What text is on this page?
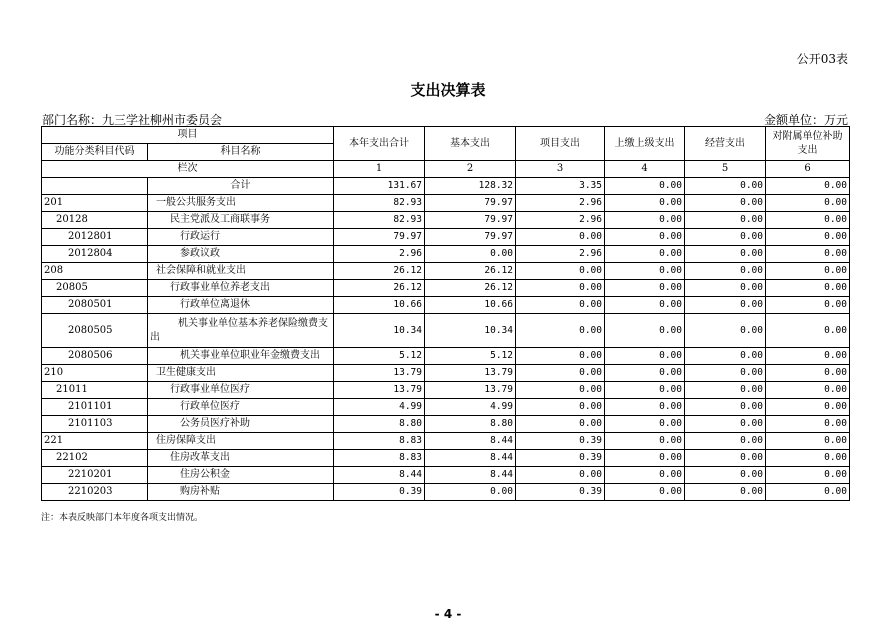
公开03表
支出决算表
部门名称：九三学社柳州市委员会	金额单位：万元
项目		本年支出合计	基本支出	项目支出	上缴上级支出	经营支出	对附属单位补助支出
功能分类科目代码	科目名称						
栏次		1	2	3	4	5	6
	合计	131.67	128.32	3.35	0.00	0.00	0.00
201	一般公共服务支出	82.93	79.97	2.96	0.00	0.00	0.00
20128	民主党派及工商联事务	82.93	79.97	2.96	0.00	0.00	0.00
2012801	行政运行	79.97	79.97	0.00	0.00	0.00	0.00
2012804	参政议政	2.96	0.00	2.96	0.00	0.00	0.00
208	社会保障和就业支出	26.12	26.12	0.00	0.00	0.00	0.00
20805	行政事业单位养老支出	26.12	26.12	0.00	0.00	0.00	0.00
2080501	行政单位离退休	10.66	10.66	0.00	0.00	0.00	0.00
2080505	机关事业单位基本养老保险缴费支出	10.34	10.34	0.00	0.00	0.00	0.00
2080506	机关事业单位职业年金缴费支出	5.12	5.12	0.00	0.00	0.00	0.00
210	卫生健康支出	13.79	13.79	0.00	0.00	0.00	0.00
21011	行政事业单位医疗	13.79	13.79	0.00	0.00	0.00	0.00
2101101	行政单位医疗	4.99	4.99	0.00	0.00	0.00	0.00
2101103	公务员医疗补助	8.80	8.80	0.00	0.00	0.00	0.00
221	住房保障支出	8.83	8.44	0.39	0.00	0.00	0.00
22102	住房改革支出	8.83	8.44	0.39	0.00	0.00	0.00
2210201	住房公积金	8.44	8.44	0.00	0.00	0.00	0.00
2210203	购房补贴	0.39	0.00	0.39	0.00	0.00	0.00
注：本表反映部门本年度各项支出情况。
- 4 -
